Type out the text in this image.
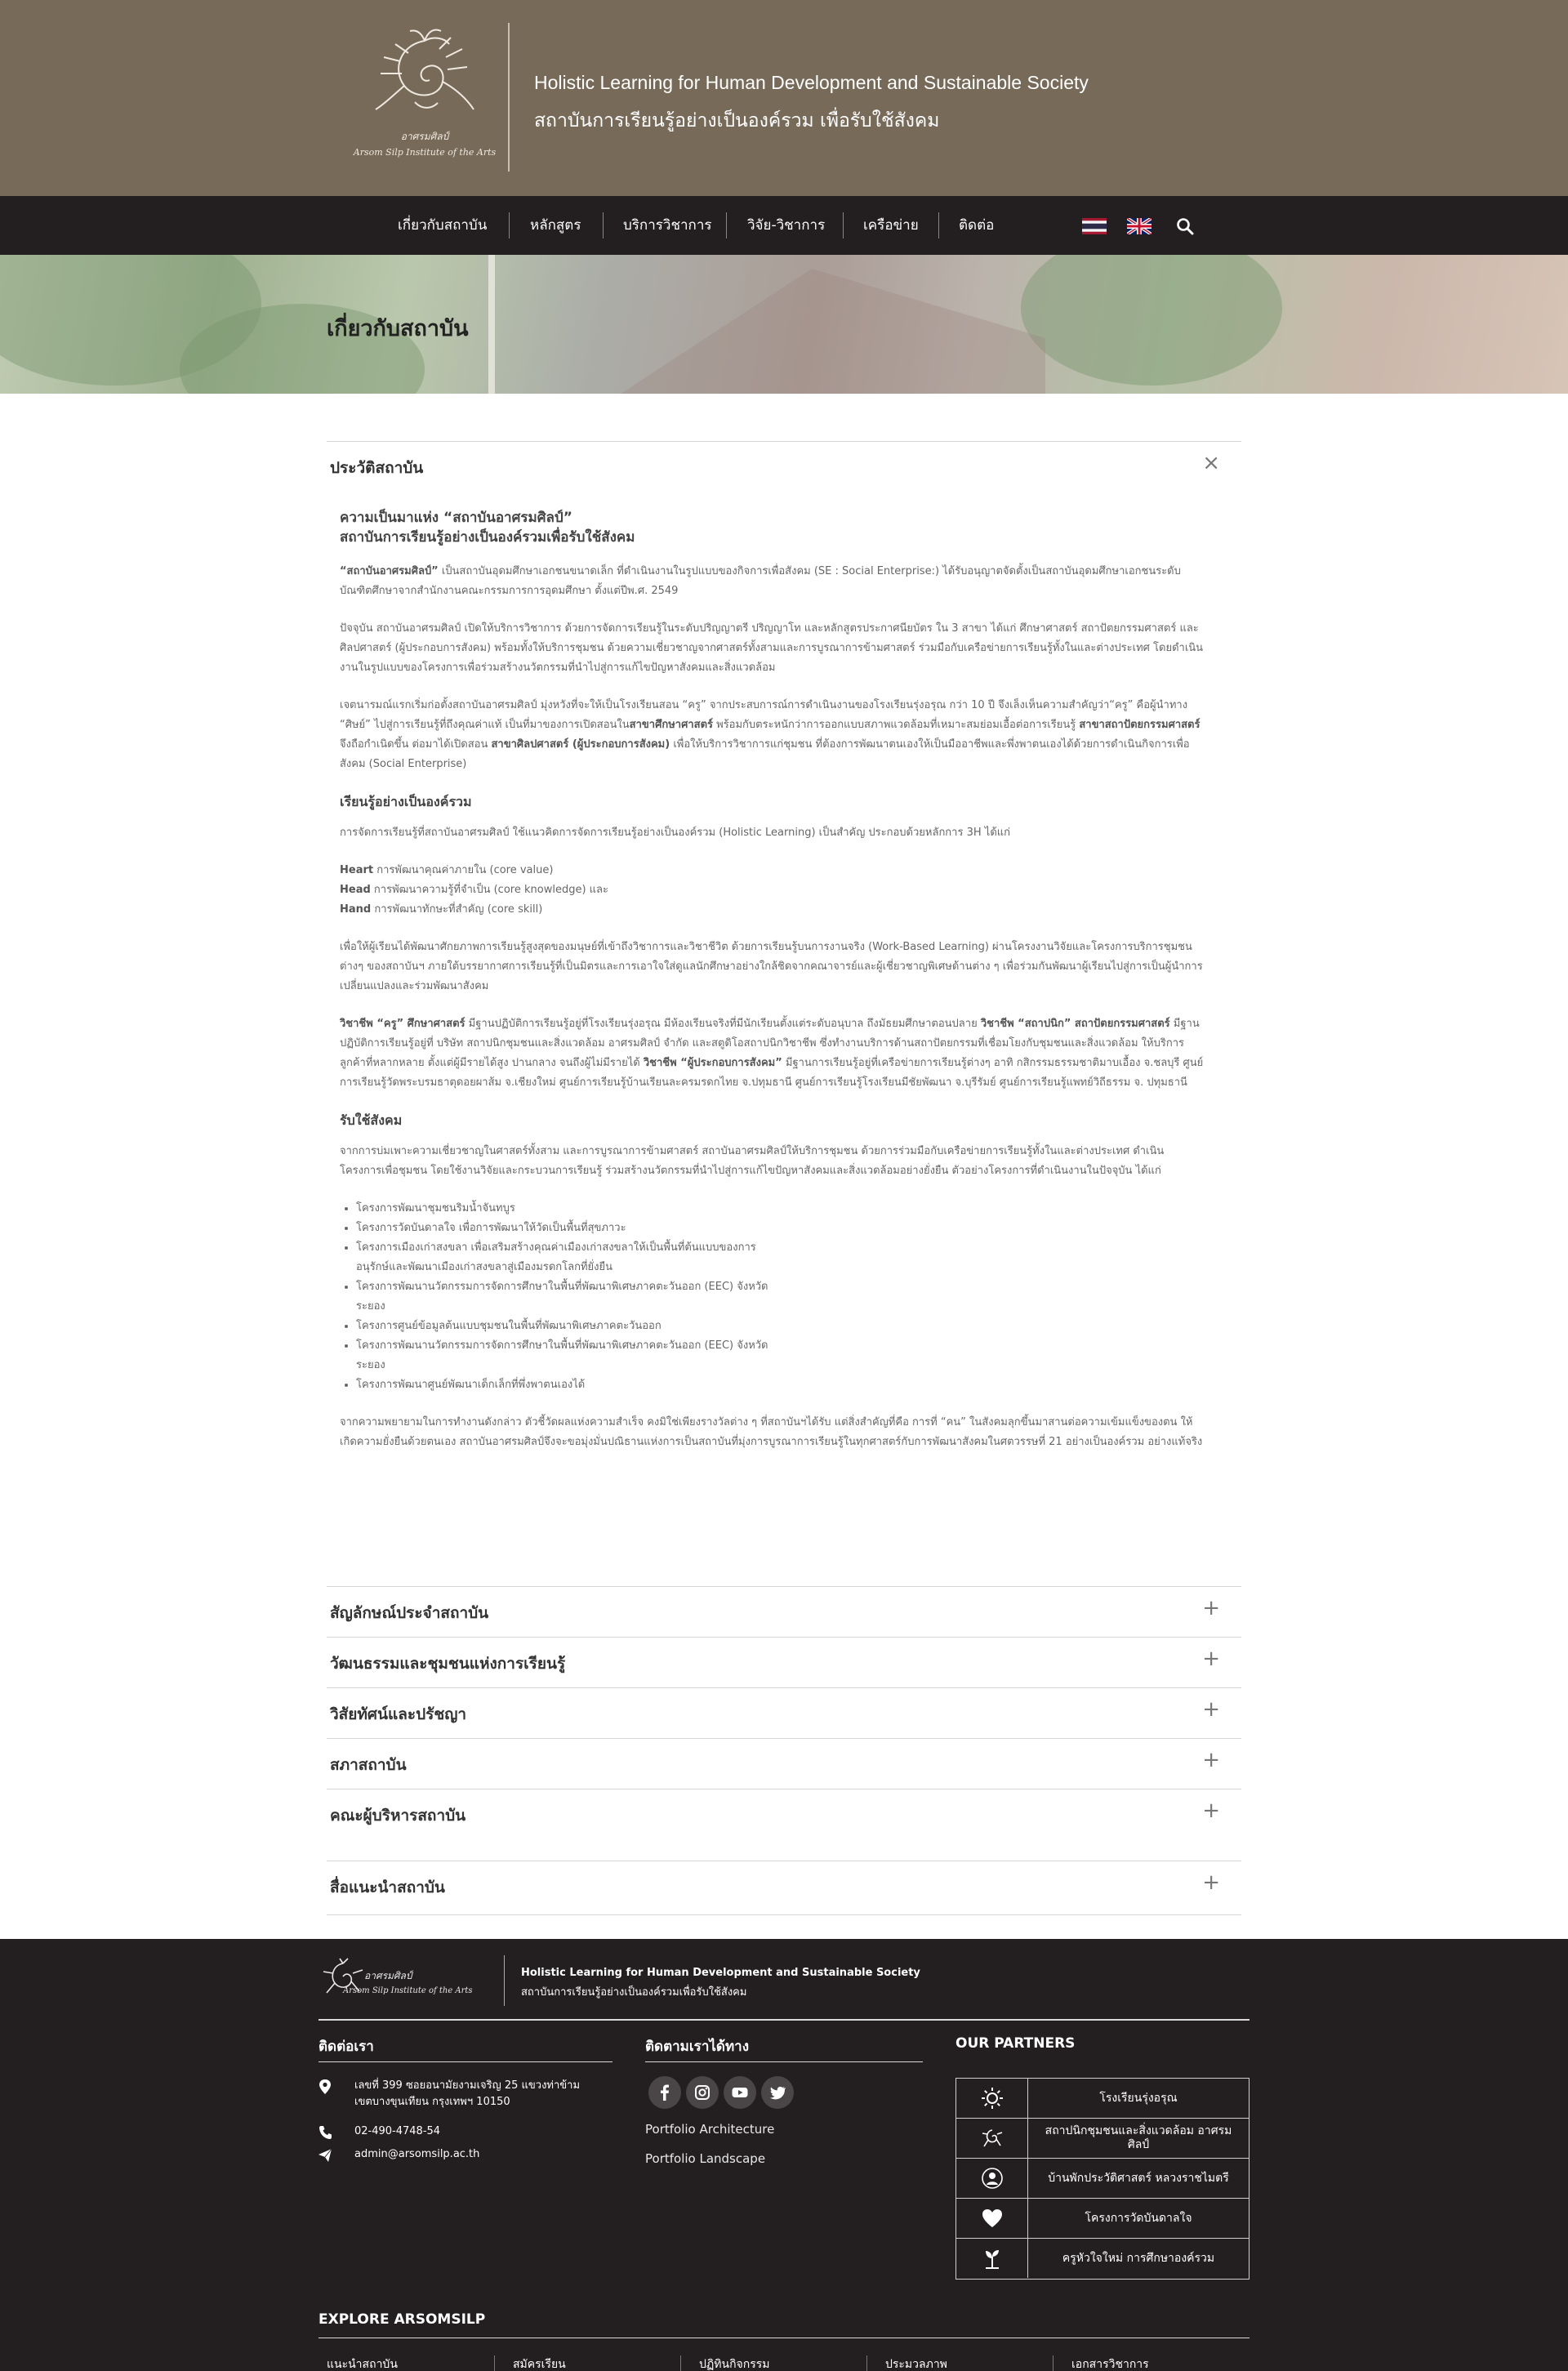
อาศรมศิลป์
Arsom Silp Institute of the Arts
Holistic Learning for Human Development and Sustainable Society
สถาบันการเรียนรู้อย่างเป็นองค์รวม เพื่อรับใช้สังคม
เกี่ยวกับสถาบัน	หลักสูตร	บริการวิชาการ	วิจัย-วิชาการ	เครือข่าย	ติดต่อ
เกี่ยวกับสถาบัน
ประวัติสถาบัน	×
ความเป็นมาแห่ง “สถาบันอาศรมศิลป์”
สถาบันการเรียนรู้อย่างเป็นองค์รวมเพื่อรับใช้สังคม

“สถาบันอาศรมศิลป์” เป็นสถาบันอุดมศึกษาเอกชนขนาดเล็ก ที่ดำเนินงานในรูปแบบของกิจการเพื่อสังคม (SE : Social Enterprise:) ได้รับอนุญาตจัดตั้งเป็นสถาบันอุดมศึกษาเอกชนระดับบัณฑิตศึกษาจากสำนักงานคณะกรรมการการอุดมศึกษา ตั้งแต่ปีพ.ศ. 2549

ปัจจุบัน สถาบันอาศรมศิลป์ เปิดให้บริการวิชาการ ด้วยการจัดการเรียนรู้ในระดับปริญญาตรี ปริญญาโท และหลักสูตรประกาศนียบัตร ใน 3 สาขา ได้แก่ ศึกษาศาสตร์ สถาปัตยกรรมศาสตร์ และศิลปศาสตร์ (ผู้ประกอบการสังคม) พร้อมทั้งให้บริการชุมชน ด้วยความเชี่ยวชาญจากศาสตร์ทั้งสามและการบูรณาการข้ามศาสตร์ ร่วมมือกับเครือข่ายการเรียนรู้ทั้งในและต่างประเทศ โดยดำเนินงานในรูปแบบของโครงการเพื่อร่วมสร้างนวัตกรรมที่นำไปสู่การแก้ไขปัญหาสังคมและสิ่งแวดล้อม

เจตนารมณ์แรกเริ่มก่อตั้งสถาบันอาศรมศิลป์ มุ่งหวังที่จะให้เป็นโรงเรียนสอน “ครู” จากประสบการณ์การดำเนินงานของโรงเรียนรุ่งอรุณ กว่า 10 ปี จึงเล็งเห็นความสำคัญว่า“ครู” คือผู้นำทาง “ศิษย์” ไปสู่การเรียนรู้ที่ถึงคุณค่าแท้ เป็นที่มาของการเปิดสอนในสาขาศึกษาศาสตร์ พร้อมกับตระหนักว่าการออกแบบสภาพแวดล้อมที่เหมาะสมย่อมเอื้อต่อการเรียนรู้ สาขาสถาปัตยกรรมศาสตร์ จึงถือกำเนิดขึ้น ต่อมาได้เปิดสอน สาขาศิลปศาสตร์ (ผู้ประกอบการสังคม) เพื่อให้บริการวิชาการแก่ชุมชน ที่ต้องการพัฒนาตนเองให้เป็นมืออาชีพและพึ่งพาตนเองได้ด้วยการดำเนินกิจการเพื่อสังคม (Social Enterprise)

เรียนรู้อย่างเป็นองค์รวม

การจัดการเรียนรู้ที่สถาบันอาศรมศิลป์ ใช้แนวคิดการจัดการเรียนรู้อย่างเป็นองค์รวม (Holistic Learning) เป็นสำคัญ ประกอบด้วยหลักการ 3H ได้แก่

Heart การพัฒนาคุณค่าภายใน (core value)
Head การพัฒนาความรู้ที่จำเป็น (core knowledge) และ
Hand การพัฒนาทักษะที่สำคัญ (core skill)

เพื่อให้ผู้เรียนได้พัฒนาศักยภาพการเรียนรู้สูงสุดของมนุษย์ที่เข้าถึงวิชาการและวิชาชีวิต ด้วยการเรียนรู้บนการงานจริง (Work-Based Learning) ผ่านโครงงานวิจัยและโครงการบริการชุมชนต่างๆ ของสถาบันฯ ภายใต้บรรยากาศการเรียนรู้ที่เป็นมิตรและการเอาใจใส่ดูแลนักศึกษาอย่างใกล้ชิดจากคณาจารย์และผู้เชี่ยวชาญพิเศษด้านต่าง ๆ เพื่อร่วมกันพัฒนาผู้เรียนไปสู่การเป็นผู้นำการเปลี่ยนแปลงและร่วมพัฒนาสังคม

วิชาชีพ “ครู” ศึกษาศาสตร์ มีฐานปฏิบัติการเรียนรู้อยู่ที่โรงเรียนรุ่งอรุณ มีห้องเรียนจริงที่มีนักเรียนตั้งแต่ระดับอนุบาล ถึงมัธยมศึกษาตอนปลาย วิชาชีพ “สถาปนิก” สถาปัตยกรรมศาสตร์ มีฐานปฏิบัติการเรียนรู้อยู่ที่ บริษัท สถาปนิกชุมชนและสิ่งแวดล้อม อาศรมศิลป์ จำกัด และสตูดิโอสถาปนิกวิชาชีพ ซึ่งทำงานบริการด้านสถาปัตยกรรมที่เชื่อมโยงกับชุมชนและสิ่งแวดล้อม ให้บริการลูกค้าที่หลากหลาย ตั้งแต่ผู้มีรายได้สูง ปานกลาง จนถึงผู้ไม่มีรายได้ วิชาชีพ “ผู้ประกอบการสังคม” มีฐานการเรียนรู้อยู่ที่เครือข่ายการเรียนรู้ต่างๆ อาทิ กสิกรรมธรรมชาติมาบเอื้อง จ.ชลบุรี ศูนย์การเรียนรู้วัดพระบรมธาตุดอยผาส้ม จ.เชียงใหม่ ศูนย์การเรียนรู้บ้านเรียนละครมรดกไทย จ.ปทุมธานี ศูนย์การเรียนรู้โรงเรียนมีชัยพัฒนา จ.บุรีรัมย์ ศูนย์การเรียนรู้แพทย์วิถีธรรม จ. ปทุมธานี

รับใช้สังคม

จากการบ่มเพาะความเชี่ยวชาญในศาสตร์ทั้งสาม และการบูรณาการข้ามศาสตร์ สถาบันอาศรมศิลป์ให้บริการชุมชน ด้วยการร่วมมือกับเครือข่ายการเรียนรู้ทั้งในและต่างประเทศ ดำเนินโครงการเพื่อชุมชน โดยใช้งานวิจัยและกระบวนการเรียนรู้ ร่วมสร้างนวัตกรรมที่นำไปสู่การแก้ไขปัญหาสังคมและสิ่งแวดล้อมอย่างยั่งยืน ตัวอย่างโครงการที่ดำเนินงานในปัจจุบัน ได้แก่

• โครงการพัฒนาชุมชนริมน้ำจันทบูร
• โครงการวัดบันดาลใจ เพื่อการพัฒนาให้วัดเป็นพื้นที่สุขภาวะ
• โครงการเมืองเก่าสงขลา เพื่อเสริมสร้างคุณค่าเมืองเก่าสงขลาให้เป็นพื้นที่ต้นแบบของการอนุรักษ์และพัฒนาเมืองเก่าสงขลาสู่เมืองมรดกโลกที่ยั่งยืน
• โครงการพัฒนานวัตกรรมการจัดการศึกษาในพื้นที่พัฒนาพิเศษภาคตะวันออก (EEC) จังหวัดระยอง
• โครงการศูนย์ข้อมูลต้นแบบชุมชนในพื้นที่พัฒนาพิเศษภาคตะวันออก
• โครงการพัฒนานวัตกรรมการจัดการศึกษาในพื้นที่พัฒนาพิเศษภาคตะวันออก (EEC) จังหวัดระยอง
• โครงการพัฒนาศูนย์พัฒนาเด็กเล็กที่พึ่งพาตนเองได้

จากความพยายามในการทำงานดังกล่าว ตัวชี้วัดผลแห่งความสำเร็จ คงมิใช่เพียงรางวัลต่าง ๆ ที่สถาบันฯได้รับ แต่สิ่งสำคัญที่คือ การที่ “คน” ในสังคมลุกขึ้นมาสานต่อความเข้มแข็งของตน ให้เกิดความยั่งยืนด้วยตนเอง สถาบันอาศรมศิลป์จึงจะขอมุ่งมั่นปณิธานแห่งการเป็นสถาบันที่มุ่งการบูรณาการเรียนรู้ในทุกศาสตร์กับการพัฒนาสังคมในศตวรรษที่ 21 อย่างเป็นองค์รวม อย่างแท้จริง

สัญลักษณ์ประจำสถาบัน	+
วัฒนธรรมและชุมชนแห่งการเรียนรู้	+
วิสัยทัศน์และปรัชญา	+
สภาสถาบัน	+
คณะผู้บริหารสถาบัน	+
สื่อแนะนำสถาบัน	+
อาศรมศิลป์
Arsom Silp Institute of the Arts
Holistic Learning for Human Development and Sustainable Society
สถาบันการเรียนรู้อย่างเป็นองค์รวมเพื่อรับใช้สังคม
ติดต่อเรา
เลขที่ 399 ซอยอนามัยงามเจริญ 25 แขวงท่าข้าม เขตบางขุนเทียน กรุงเทพฯ 10150
02-490-4748-54
admin@arsomsilp.ac.th
ติดตามเราได้ทาง
Portfolio Architecture
Portfolio Landscape
OUR PARTNERS
โรงเรียนรุ่งอรุณ
สถาปนิกชุมชนและสิ่งแวดล้อม อาศรมศิลป์
บ้านพักประวัติศาสตร์ หลวงราชไมตรี
โครงการวัดบันดาลใจ
ครูหัวใจใหม่ การศึกษาองค์รวม
EXPLORE ARSOMSILP
แนะนำสถาบัน	สมัครเรียน	ปฏิทินกิจกรรม	ประมวลภาพ	เอกสารวิชาการ
